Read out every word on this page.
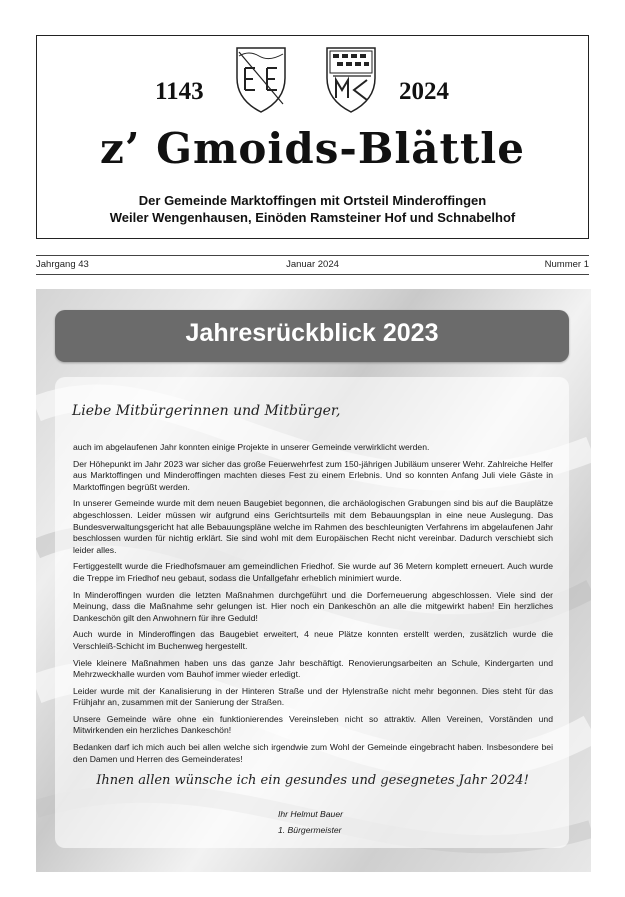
1143	2024
z’ Gmoids-Blättle
Der Gemeinde Marktoffingen mit Ortsteil Minderoffingen
Weiler Wengenhausen, Einöden Ramsteiner Hof und Schnabelhof
Jahrgang 43	Januar 2024	Nummer 1
Jahresrückblick 2023
Liebe Mitbürgerinnen und Mitbürger,

auch im abgelaufenen Jahr konnten einige Projekte in unserer Gemeinde verwirklicht werden.

Der Höhepunkt im Jahr 2023 war sicher das große Feuerwehrfest zum 150-jährigen Jubiläum unserer Wehr. Zahlreiche Helfer aus Marktoffingen und Minderoffingen machten dieses Fest zu einem Erlebnis. Und so konnten Anfang Juli viele Gäste in Marktoffingen begrüßt werden.

In unserer Gemeinde wurde mit dem neuen Baugebiet begonnen, die archäologischen Grabungen sind bis auf die Bauplätze abgeschlossen. Leider müssen wir aufgrund eins Gerichtsurteils mit dem Bebauungsplan in eine neue Auslegung. Das Bundesverwaltungsgericht hat alle Bebauungspläne welche im Rahmen des beschleunigten Verfahrens im abgelaufenen Jahr beschlossen wurden für nichtig erklärt. Sie sind wohl mit dem Europäischen Recht nicht vereinbar. Dadurch verschiebt sich leider alles.

Fertiggestellt wurde die Friedhofsmauer am gemeindlichen Friedhof. Sie wurde auf 36 Metern komplett erneuert. Auch wurde die Treppe im Friedhof neu gebaut, sodass die Unfallgefahr erheblich minimiert wurde.

In Minderoffingen wurden die letzten Maßnahmen durchgeführt und die Dorferneuerung abgeschlossen. Viele sind der Meinung, dass die Maßnahme sehr gelungen ist. Hier noch ein Dankeschön an alle die mitgewirkt haben! Ein herzliches Dankeschön gilt den Anwohnern für ihre Geduld!

Auch wurde in Minderoffingen das Baugebiet erweitert, 4 neue Plätze konnten erstellt werden, zusätzlich wurde die Verschleiß-Schicht im Buchenweg hergestellt.

Viele kleinere Maßnahmen haben uns das ganze Jahr beschäftigt. Renovierungsarbeiten an Schule, Kindergarten und Mehrzweckhalle wurden vom Bauhof immer wieder erledigt.

Leider wurde mit der Kanalisierung in der Hinteren Straße und der Hylenstraße nicht mehr begonnen. Dies steht für das Frühjahr an, zusammen mit der Sanierung der Straßen.

Unsere Gemeinde wäre ohne ein funktionierendes Vereinsleben nicht so attraktiv. Allen Vereinen, Vorständen und Mitwirkenden ein herzliches Dankeschön!

Bedanken darf ich mich auch bei allen welche sich irgendwie zum Wohl der Gemeinde eingebracht haben. Insbesondere bei den Damen und Herren des Gemeinderates!

Ihnen allen wünsche ich ein gesundes und gesegnetes Jahr 2024!
Ihr Helmut Bauer
1. Bürgermeister
